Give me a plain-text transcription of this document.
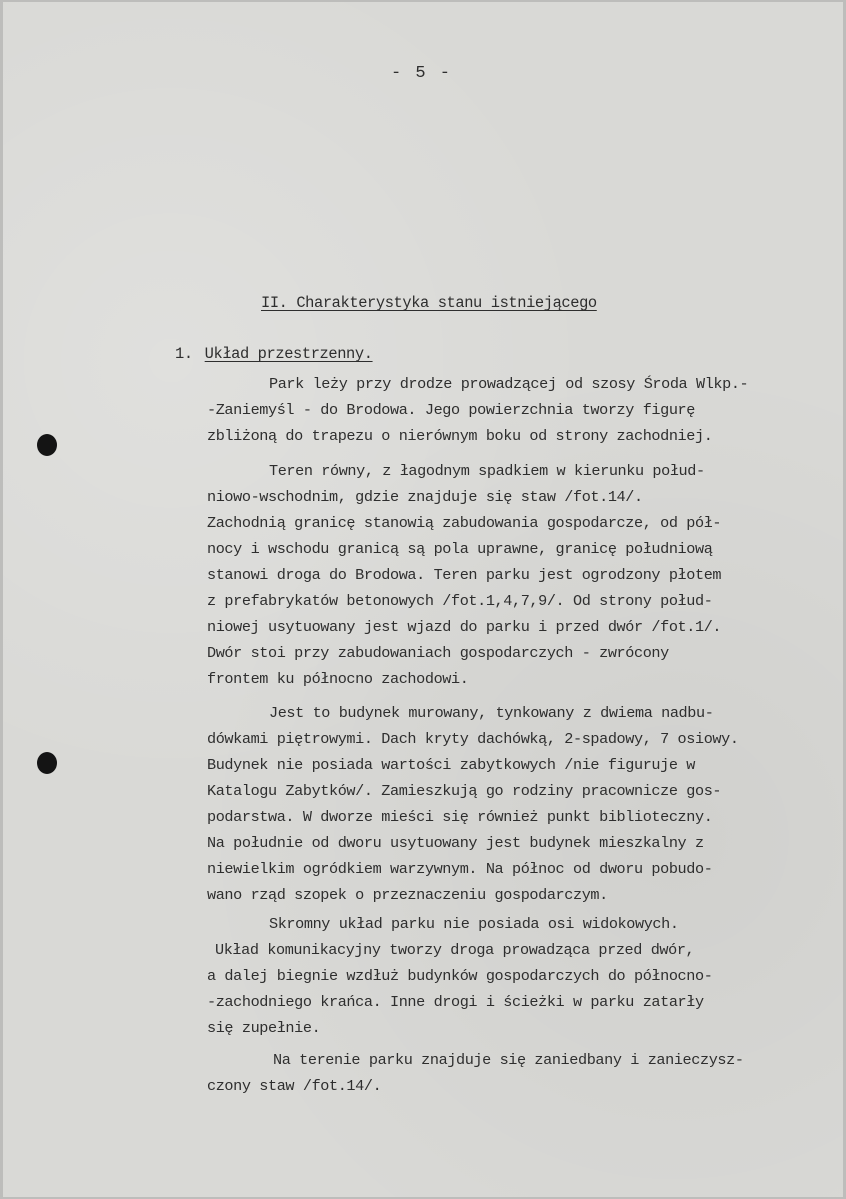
- 5 -
II. Charakterystyka stanu istniejącego
1. Układ przestrzenny.
Park leży przy drodze prowadzącej od szosy Środa Wlkp.-
-Zaniemyśl - do Brodowa. Jego powierzchnia tworzy figurę
zbliżoną do trapezu o nierównym boku od strony zachodniej.
Teren równy, z łagodnym spadkiem w kierunku połud-
niowo-wschodnim, gdzie znajduje się staw /fot.14/.
Zachodnią granicę stanowią zabudowania gospodarcze, od pół-
nocy i wschodu granicą są pola uprawne, granicę południową
stanowi droga do Brodowa. Teren parku jest ogrodzony płotem
z prefabrykatów betonowych /fot.1,4,7,9/. Od strony połud-
niowej usytuowany jest wjazd do parku i przed dwór /fot.1/.
Dwór stoi przy zabudowaniach gospodarczych - zwrócony
frontem ku północno zachodowi.
Jest to budynek murowany, tynkowany z dwiema nadbu-
dówkami piętrowymi. Dach kryty dachówką, 2-spadowy, 7 osiowy.
Budynek nie posiada wartości zabytkowych /nie figuruje w
Katalogu Zabytków/. Zamieszkują go rodziny pracownicze gos-
podarstwa. W dworze mieści się również punkt biblioteczny.
Na południe od dworu usytuowany jest budynek mieszkalny z
niewielkim ogródkiem warzywnym. Na północ od dworu pobudo-
wano rząd szopek o przeznaczeniu gospodarczym.
Skromny układ parku nie posiada osi widokowych.
Układ komunikacyjny tworzy droga prowadząca przed dwór,
a dalej biegnie wzdłuż budynków gospodarczych do północno-
-zachodniego krańca. Inne drogi i ścieżki w parku zatarły
się zupełnie.
Na terenie parku znajduje się zaniedbany i zanieczysz-
czony staw /fot.14/.
